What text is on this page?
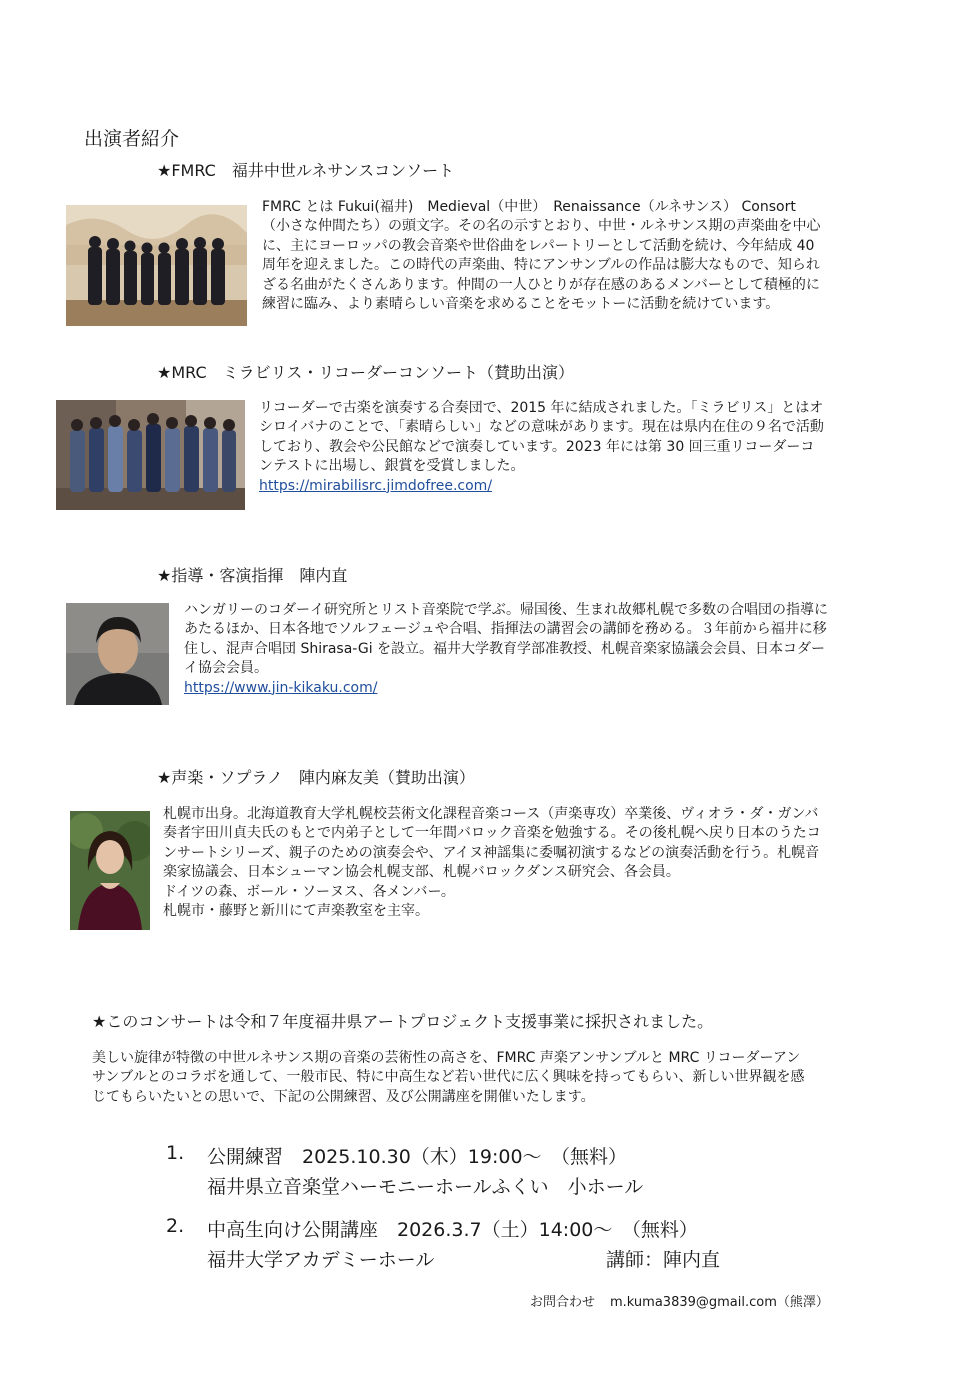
出演者紹介
★FMRC　福井中世ルネサンスコンソート
FMRC とは Fukui(福井)　Medieval（中世）　Renaissance（ルネサンス） Consort
（小さな仲間たち）の頭文字。その名の示すとおり、中世・ルネサンス期の声楽曲を中心
に、主にヨーロッパの教会音楽や世俗曲をレパートリーとして活動を続け、今年結成 40
周年を迎えました。この時代の声楽曲、特にアンサンブルの作品は膨大なもので、知られ
ざる名曲がたくさんあります。仲間の一人ひとりが存在感のあるメンバーとして積極的に
練習に臨み、より素晴らしい音楽を求めることをモットーに活動を続けています。
★MRC　ミラビリス・リコーダーコンソート（賛助出演）
リコーダーで古楽を演奏する合奏団で、2015 年に結成されました。「ミラビリス」とはオ
シロイバナのことで、「素晴らしい」などの意味があります。現在は県内在住の９名で活動
しており、教会や公民館などで演奏しています。2023 年には第 30 回三重リコーダーコ
ンテストに出場し、銀賞を受賞しました。
https://mirabilisrc.jimdofree.com/
★指導・客演指揮　陣内直
ハンガリーのコダーイ研究所とリスト音楽院で学ぶ。帰国後、生まれ故郷札幌で多数の合唱団の指導に
あたるほか、日本各地でソルフェージュや合唱、指揮法の講習会の講師を務める。３年前から福井に移
住し、混声合唱団 Shirasa-Gi を設立。福井大学教育学部准教授、札幌音楽家協議会会員、日本コダー
イ協会会員。
https://www.jin-kikaku.com/
★声楽・ソプラノ　陣内麻友美（賛助出演）
札幌市出身。北海道教育大学札幌校芸術文化課程音楽コース（声楽専攻）卒業後、ヴィオラ・ダ・ガンバ
奏者宇田川貞夫氏のもとで内弟子として一年間バロック音楽を勉強する。その後札幌へ戻り日本のうたコ
ンサートシリーズ、親子のための演奏会や、アイヌ神謡集に委嘱初演するなどの演奏活動を行う。札幌音
楽家協議会、日本シューマン協会札幌支部、札幌バロックダンス研究会、各会員。
ドイツの森、ボール・ソーヌス、各メンバー。
札幌市・藤野と新川にて声楽教室を主宰。
★このコンサートは令和７年度福井県アートプロジェクト支援事業に採択されました。
美しい旋律が特徴の中世ルネサンス期の音楽の芸術性の高さを、FMRC 声楽アンサンブルと MRC リコーダーアン
サンブルとのコラボを通して、一般市民、特に中高生など若い世代に広く興味を持ってもらい、新しい世界観を感
じてもらいたいとの思いで、下記の公開練習、及び公開講座を開催いたします。
1. 公開練習　2025.10.30（木）19:00～　（無料）
福井県立音楽堂ハーモニーホールふくい　小ホール
2. 中高生向け公開講座　2026.3.7（土）14:00～　（無料）
福井大学アカデミーホール	講師：陣内直
お問合わせ m.kuma3839@gmail.com（熊澤）
